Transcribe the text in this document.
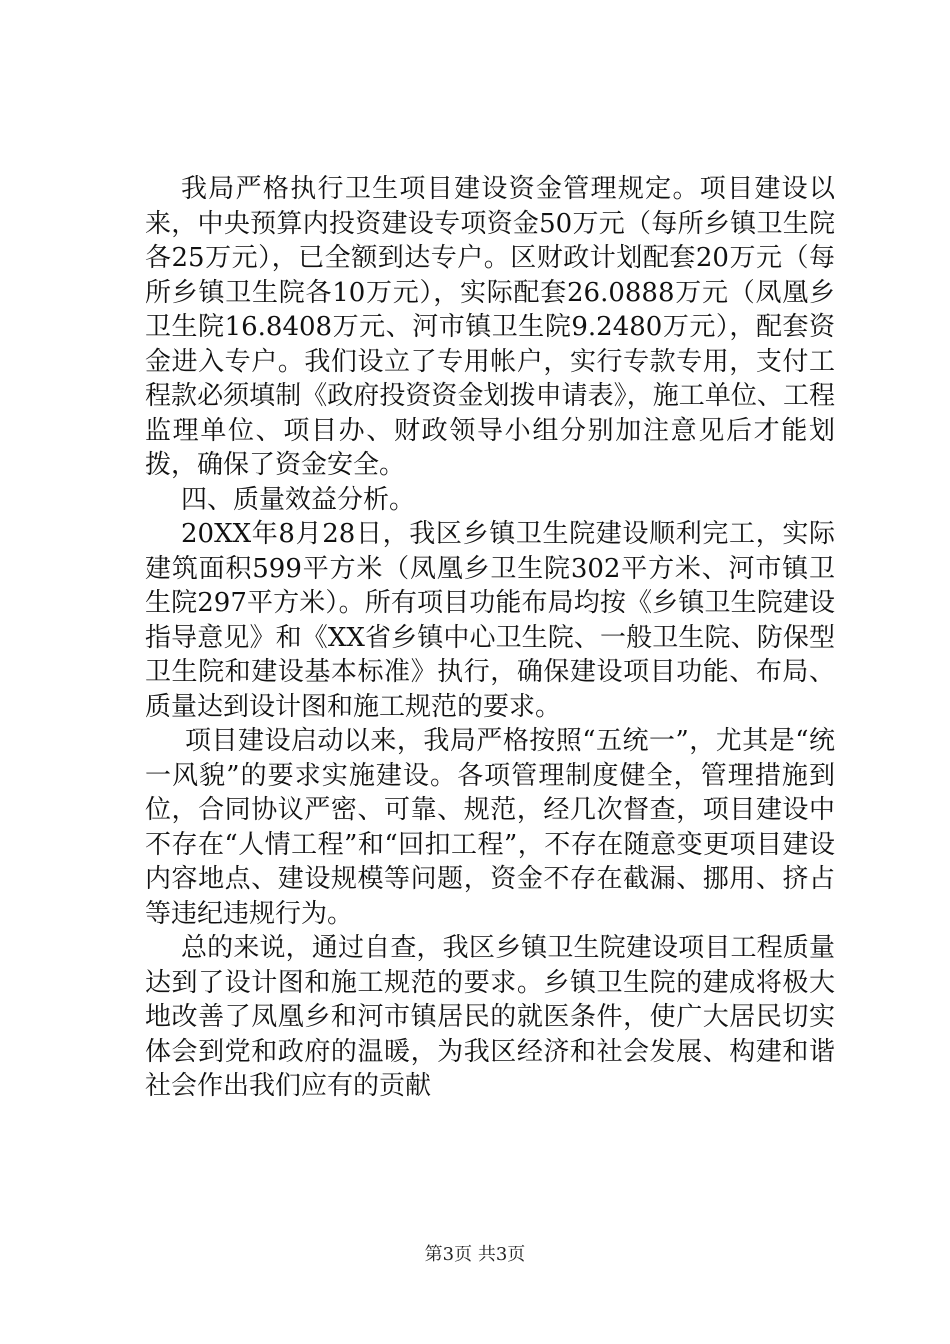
我局严格执行卫生项目建设资金管理规定。项目建设以来，中央预算内投资建设专项资金50万元（每所乡镇卫生院各25万元），已全额到达专户。区财政计划配套20万元（每所乡镇卫生院各10万元），实际配套26.0888万元（凤凰乡卫生院16.8408万元、河市镇卫生院9.2480万元），配套资金进入专户。我们设立了专用帐户，实行专款专用，支付工程款必须填制《政府投资资金划拨申请表》，施工单位、工程监理单位、项目办、财政领导小组分别加注意见后才能划拨，确保了资金安全。

四、质量效益分析。

20XX年8月28日，我区乡镇卫生院建设顺利完工，实际建筑面积599平方米（凤凰乡卫生院302平方米、河市镇卫生院297平方米）。所有项目功能布局均按《乡镇卫生院建设指导意见》和《XX省乡镇中心卫生院、一般卫生院、防保型卫生院和建设基本标准》执行，确保建设项目功能、布局、质量达到设计图和施工规范的要求。

项目建设启动以来，我局严格按照“五统一”，尤其是“统一风貌”的要求实施建设。各项管理制度健全，管理措施到位，合同协议严密、可靠、规范，经几次督查，项目建设中不存在“人情工程”和“回扣工程”，不存在随意变更项目建设内容地点、建设规模等问题，资金不存在截漏、挪用、挤占等违纪违规行为。

总的来说，通过自查，我区乡镇卫生院建设项目工程质量达到了设计图和施工规范的要求。乡镇卫生院的建成将极大地改善了凤凰乡和河市镇居民的就医条件，使广大居民切实体会到党和政府的温暖，为我区经济和社会发展、构建和谐社会作出我们应有的贡献

第3页 共3页
